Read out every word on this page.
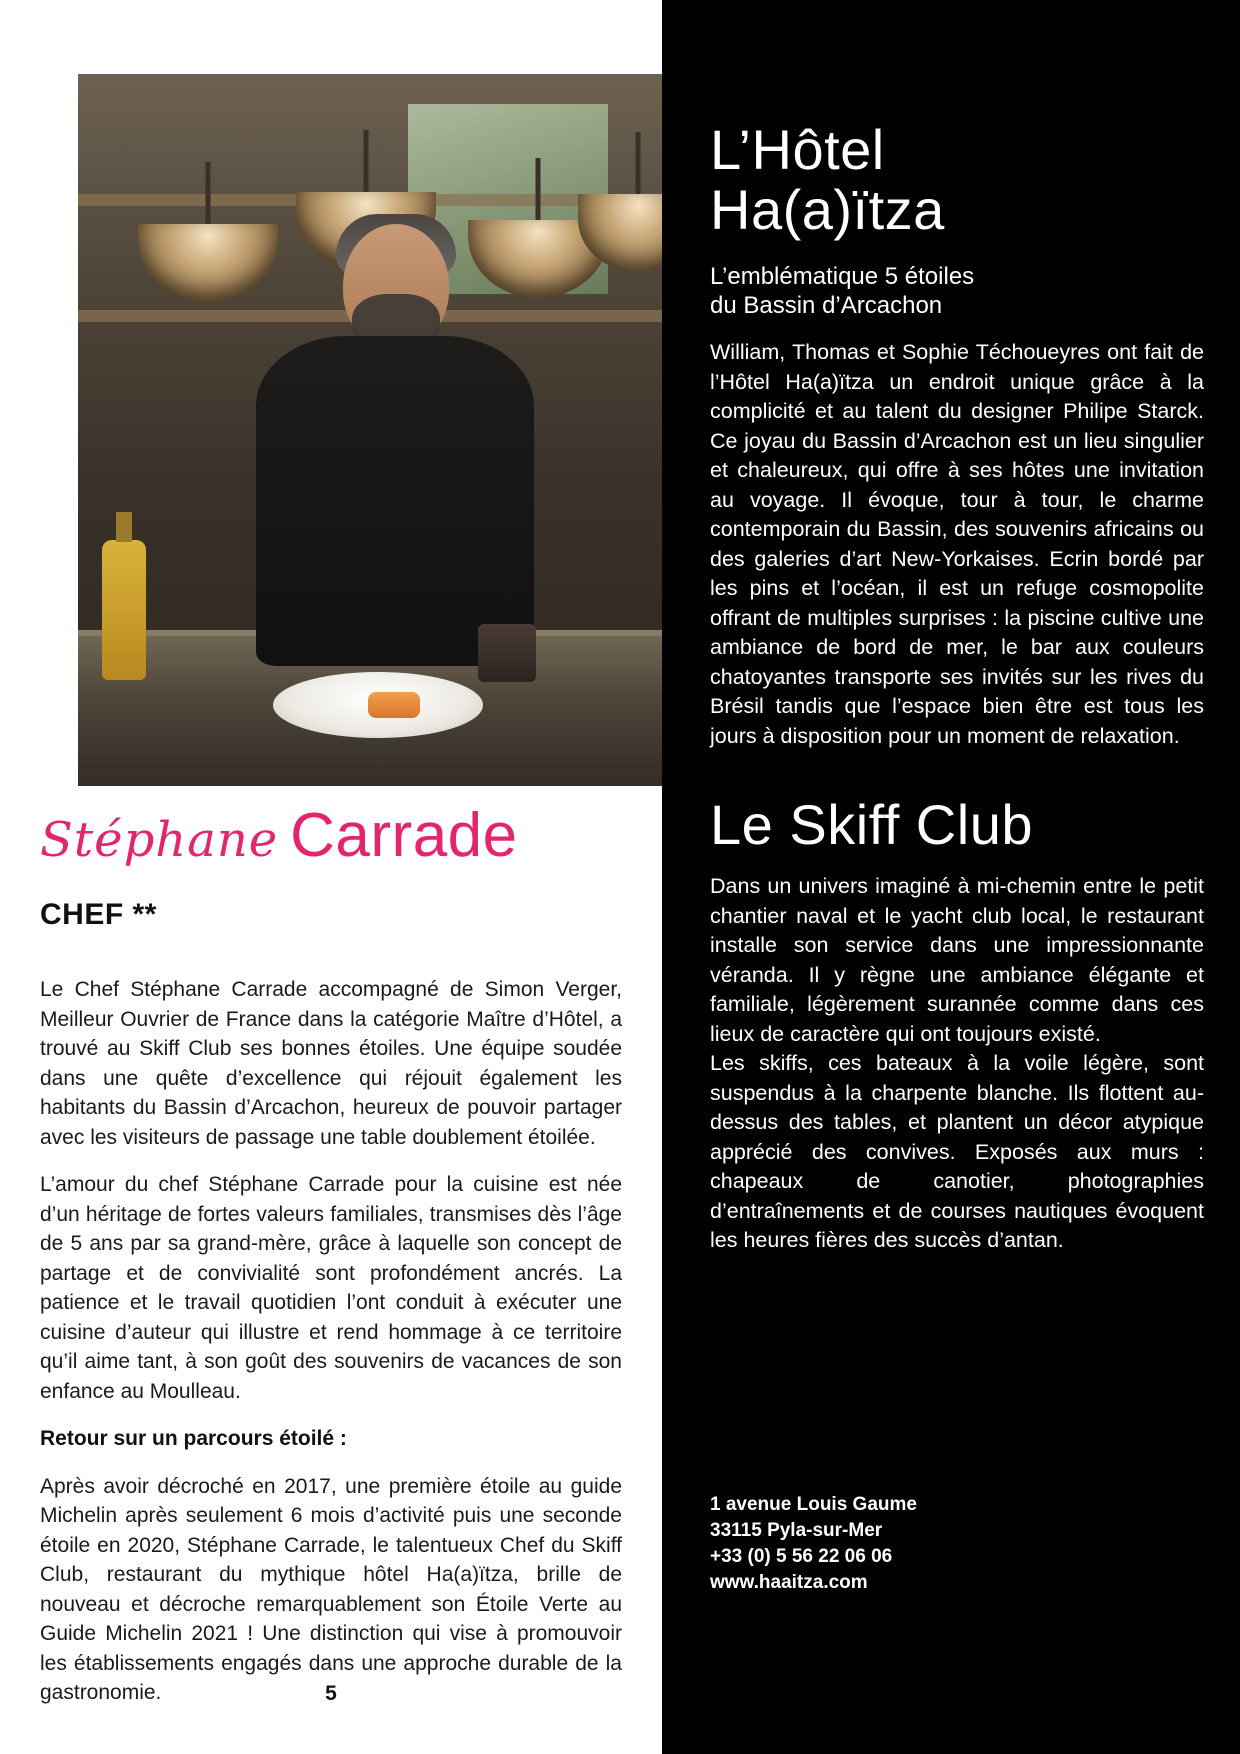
Stéphane Carrade
CHEF **

Le Chef Stéphane Carrade accompagné de Simon Verger, Meilleur Ouvrier de France dans la catégorie Maître d’Hôtel, a trouvé au Skiff Club ses bonnes étoiles. Une équipe soudée dans une quête d’excellence qui réjouit également les habitants du Bassin d’Arcachon, heureux de pouvoir partager avec les visiteurs de passage une table doublement étoilée.

L’amour du chef Stéphane Carrade pour la cuisine est née d’un héritage de fortes valeurs familiales, transmises dès l’âge de 5 ans par sa grand-mère, grâce à laquelle son concept de partage et de convivialité sont profondément ancrés. La patience et le travail quotidien l’ont conduit à exécuter une cuisine d’auteur qui illustre et rend hommage à ce territoire qu’il aime tant, à son goût des souvenirs de vacances de son enfance au Moulleau.

Retour sur un parcours étoilé :

Après avoir décroché en 2017, une première étoile au guide Michelin après seulement 6 mois d’activité puis une seconde étoile en 2020, Stéphane Carrade, le talentueux Chef du Skiff Club, restaurant du mythique hôtel Ha(a)ïtza, brille de nouveau et décroche remarquablement son Étoile Verte au Guide Michelin 2021 ! Une distinction qui vise à promouvoir les établissements engagés dans une approche durable de la gastronomie.	5
L’Hôtel
Ha(a)ïtza
L’emblématique 5 étoiles
du Bassin d’Arcachon

William, Thomas et Sophie Téchoueyres ont fait de l’Hôtel Ha(a)ïtza un endroit unique grâce à la complicité et au talent du designer Philipe Starck. Ce joyau du Bassin d’Arcachon est un lieu singulier et chaleureux, qui offre à ses hôtes une invitation au voyage. Il évoque, tour à tour, le charme contemporain du Bassin, des souvenirs africains ou des galeries d’art New-Yorkaises. Ecrin bordé par les pins et l’océan, il est un refuge cosmopolite offrant de multiples surprises : la piscine cultive une ambiance de bord de mer, le bar aux couleurs chatoyantes transporte ses invités sur les rives du Brésil tandis que l’espace bien être est tous les jours à disposition pour un moment de relaxation.

Le Skiff Club

Dans un univers imaginé à mi-chemin entre le petit chantier naval et le yacht club local, le restaurant installe son service dans une impressionnante véranda. Il y règne une ambiance élégante et familiale, légèrement surannée comme dans ces lieux de caractère qui ont toujours existé.

Les skiffs, ces bateaux à la voile légère, sont suspendus à la charpente blanche. Ils flottent au-dessus des tables, et plantent un décor atypique apprécié des convives. Exposés aux murs : chapeaux de canotier, photographies d’entraînements et de courses nautiques évoquent les heures fières des succès d’antan.

1 avenue Louis Gaume
33115 Pyla-sur-Mer
+33 (0) 5 56 22 06 06
www.haaitza.com
